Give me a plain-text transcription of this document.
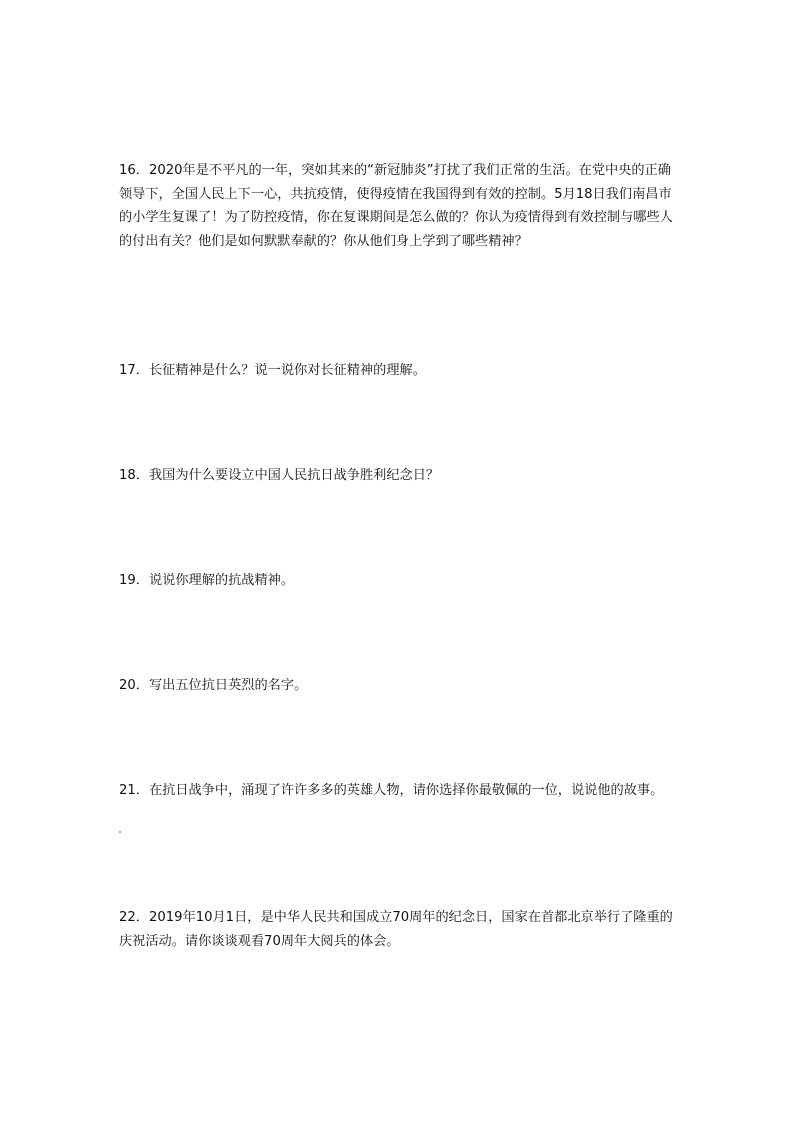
16．2020年是不平凡的一年，突如其来的“新冠肺炎”打扰了我们正常的生活。在党中央的正确领导下，全国人民上下一心，共抗疫情，使得疫情在我国得到有效的控制。5月18日我们南昌市的小学生复课了！为了防控疫情，你在复课期间是怎么做的？你认为疫情得到有效控制与哪些人的付出有关？他们是如何默默奉献的？你从他们身上学到了哪些精神？

17．长征精神是什么？说一说你对长征精神的理解。

18．我国为什么要设立中国人民抗日战争胜利纪念日？

19．说说你理解的抗战精神。

20．写出五位抗日英烈的名字。

21．在抗日战争中，涌现了许许多多的英雄人物，请你选择你最敬佩的一位，说说他的故事。

22．2019年10月1日，是中华人民共和国成立70周年的纪念日，国家在首都北京举行了隆重的庆祝活动。请你谈谈观看70周年大阅兵的体会。
